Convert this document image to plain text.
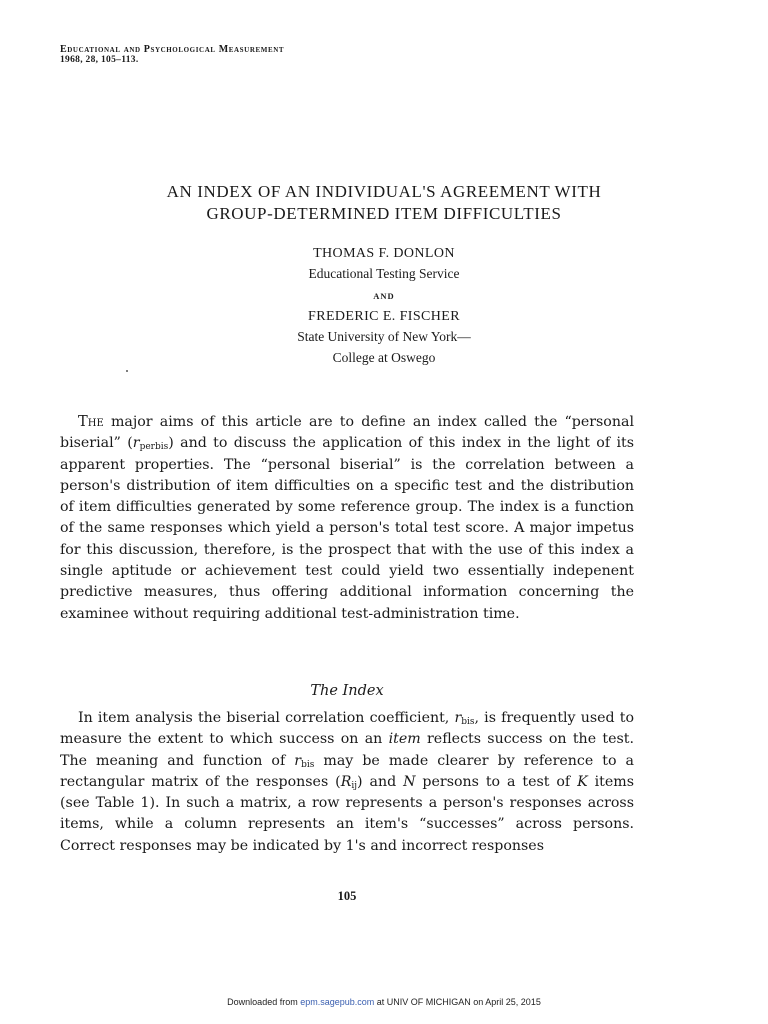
Educational and Psychological Measurement
1968, 28, 105–113.
AN INDEX OF AN INDIVIDUAL'S AGREEMENT WITH
GROUP-DETERMINED ITEM DIFFICULTIES
THOMAS F. DONLON
Educational Testing Service
AND
FREDERIC E. FISCHER
State University of New York—
College at Oswego
The major aims of this article are to define an index called the “personal biserial” $(r_{perbis})$ and to discuss the application of this index in the light of its apparent properties. The “personal biserial” is the correlation between a person's distribution of item difficulties on a specific test and the distribution of item difficulties generated by some reference group. The index is a function of the same responses which yield a person's total test score. A major impetus for this discussion, therefore, is the prospect that with the use of this index a single aptitude or achievement test could yield two essentially indepenent predictive measures, thus offering additional information concerning the examinee without requiring additional test-administration time.
The Index
In item analysis the biserial correlation coefficient, $r_{bis}$, is frequently used to measure the extent to which success on an item reflects success on the test. The meaning and function of $r_{bis}$ may be made clearer by reference to a rectangular matrix of the responses $(R_{ij})$ and N persons to a test of K items (see Table 1). In such a matrix, a row represents a person's responses across items, while a column represents an item's “successes” across persons. Correct responses may be indicated by 1's and incorrect responses
105
Downloaded from epm.sagepub.com at UNIV OF MICHIGAN on April 25, 2015
